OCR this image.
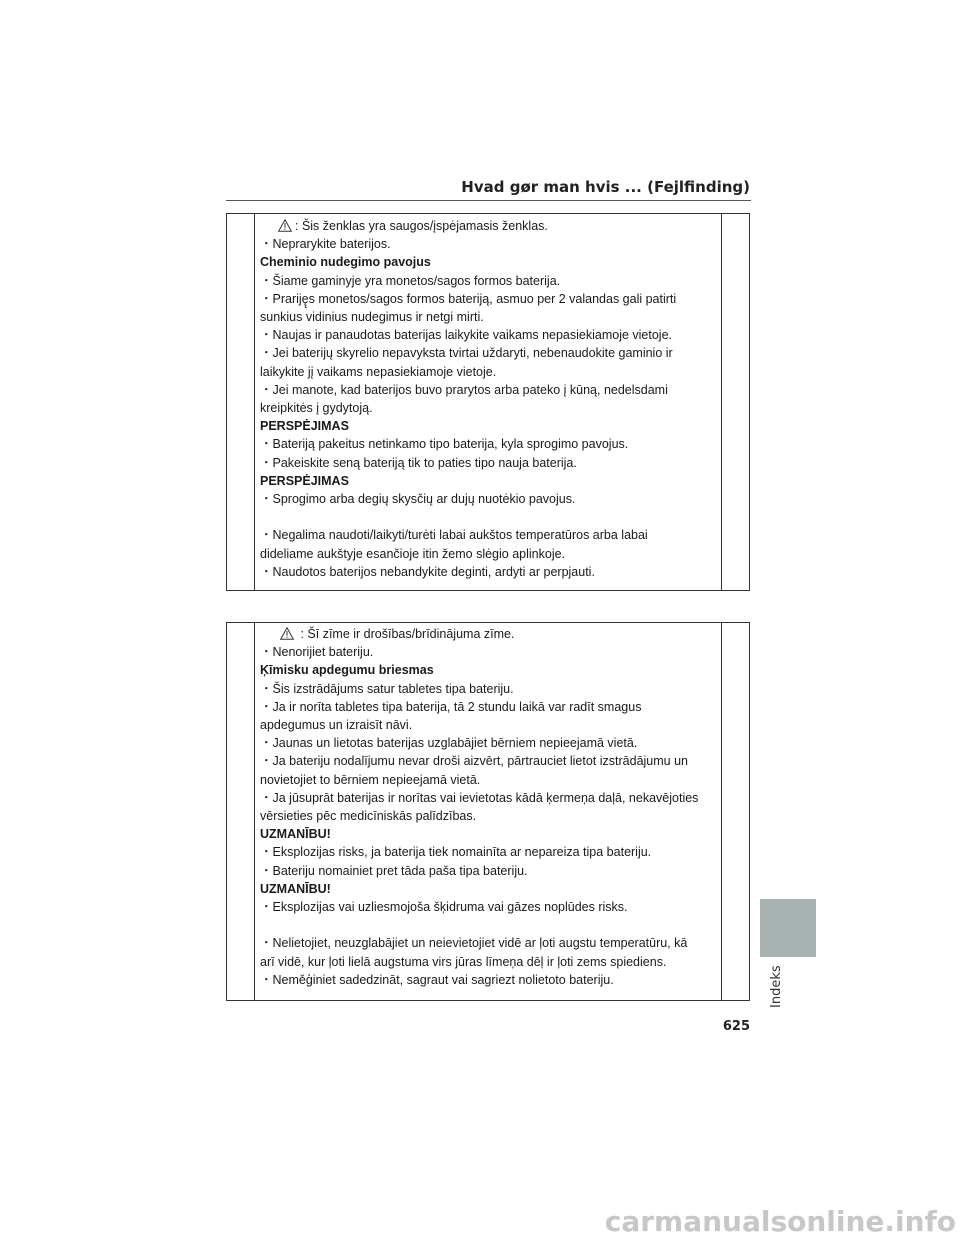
Hvad gør man hvis ... (Fejlfinding)
: Šis ženklas yra saugos/įspėjamasis ženklas.
・Neprarykite baterijos.
Cheminio nudegimo pavojus
・Šiame gaminyje yra monetos/sagos formos baterija.
・Prariję̨s monetos/sagos formos bateriją, asmuo per 2 valandas gali patirti
sunkius vidinius nudegimus ir netgi mirti.
・Naujas ir panaudotas baterijas laikykite vaikams nepasiekiamoje vietoje.
・Jei baterijų skyrelio nepavyksta tvirtai uždaryti, nebenaudokite gaminio ir
laikykite jį vaikams nepasiekiamoje vietoje.
・Jei manote, kad baterijos buvo prarytos arba pateko į kūną, nedelsdami
kreipkitės į gydytoją.
PERSPĖJIMAS
・Bateriją pakeitus netinkamo tipo baterija, kyla sprogimo pavojus.
・Pakeiskite seną bateriją tik to paties tipo nauja baterija.
PERSPĖJIMAS
・Sprogimo arba degių skysčių ar dujų nuotėkio pavojus.
・Negalima naudoti/laikyti/turėti labai aukštos temperatūros arba labai
dideliame aukštyje esančioje itin žemo slėgio aplinkoje.
・Naudotos baterijos nebandykite deginti, ardyti ar perpjauti.
: Šī zīme ir drošības/brīdinājuma zīme.
・Nenorijiet bateriju.
Ķīmisku apdegumu briesmas
・Šis izstrādājums satur tabletes tipa bateriju.
・Ja ir norīta tabletes tipa baterija, tā 2 stundu laikā var radīt smagus
apdegumus un izraisīt nāvi.
・Jaunas un lietotas baterijas uzglabājiet bērniem nepieejamā vietā.
・Ja bateriju nodalījumu nevar droši aizvērt, pārtrauciet lietot izstrādājumu un
novietojiet to bērniem nepieejamā vietā.
・Ja jūsuprāt baterijas ir norītas vai ievietotas kādā ķermeņa daļā, nekavējoties
vērsieties pēc medicīniskās palīdzības.
UZMANĪBU!
・Eksplozijas risks, ja baterija tiek nomainīta ar nepareiza tipa bateriju.
・Bateriju nomainiet pret tāda paša tipa bateriju.
UZMANĪBU!
・Eksplozijas vai uzliesmojoša šķidruma vai gāzes noplūdes risks.
・Nelietojiet, neuzglabājiet un neievietojiet vidē ar ļoti augstu temperatūru, kā
arī vidē, kur ļoti lielā augstuma virs jūras līmeņa dēļ ir ļoti zems spiediens.
・Neměģiniet sadedzināt, sagraut vai sagriezt nolietoto bateriju.	Indeks
625
carmanualsonline.info
